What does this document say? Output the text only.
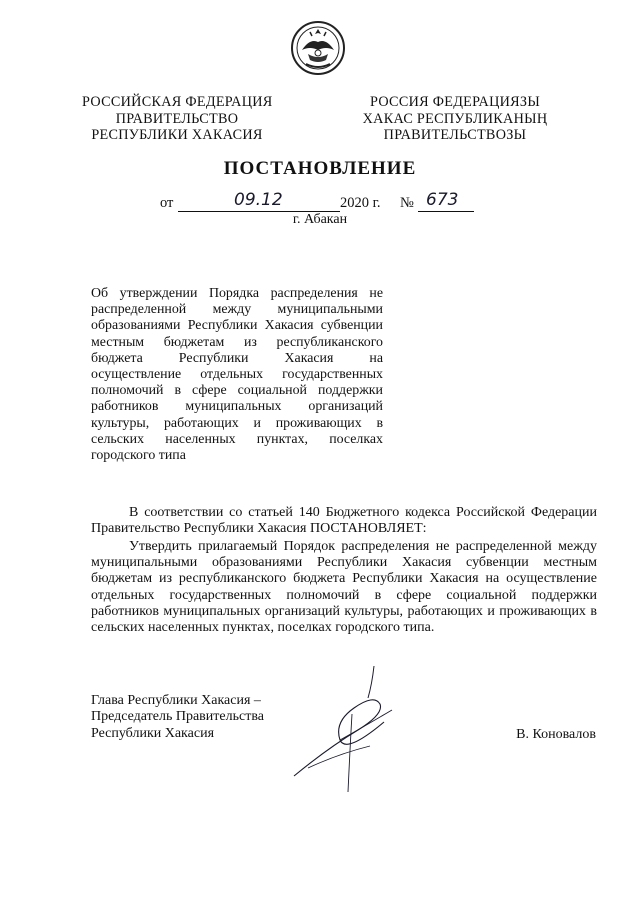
РОССИЙСКАЯ ФЕДЕРАЦИЯ
ПРАВИТЕЛЬСТВО
РЕСПУБЛИКИ ХАКАСИЯ
РОССИЯ ФЕДЕРАЦИЯЗЫ
ХАКАС РЕСПУБЛИКАНЫҢ
ПРАВИТЕЛЬСТВОЗЫ
ПОСТАНОВЛЕНИЕ
от	09.12	2020 г. № 673
г. Абакан
Об утверждении Порядка распределения не
распределенной между муниципальными
образованиями Республики Хакасия субвенции
местным бюджетам из республиканского
бюджета Республики Хакасия на
осуществление отдельных государственных
полномочий в сфере социальной поддержки
работников муниципальных организаций
культуры, работающих и проживающих в
сельских населенных пунктах, поселках
городского типа
В соответствии со статьей 140 Бюджетного кодекса Российской Федерации
Правительство Республики Хакасия ПОСТАНОВЛЯЕТ:
Утвердить прилагаемый Порядок распределения не распределенной между
муниципальными образованиями Республики Хакасия субвенции местным
бюджетам из республиканского бюджета Республики Хакасия на осуществление
отдельных государственных полномочий в сфере социальной поддержки
работников муниципальных организаций культуры, работающих и проживающих в
сельских населенных пунктах, поселках городского типа.
Глава Республики Хакасия –
Председатель Правительства
Республики Хакасия	В. Коновалов
